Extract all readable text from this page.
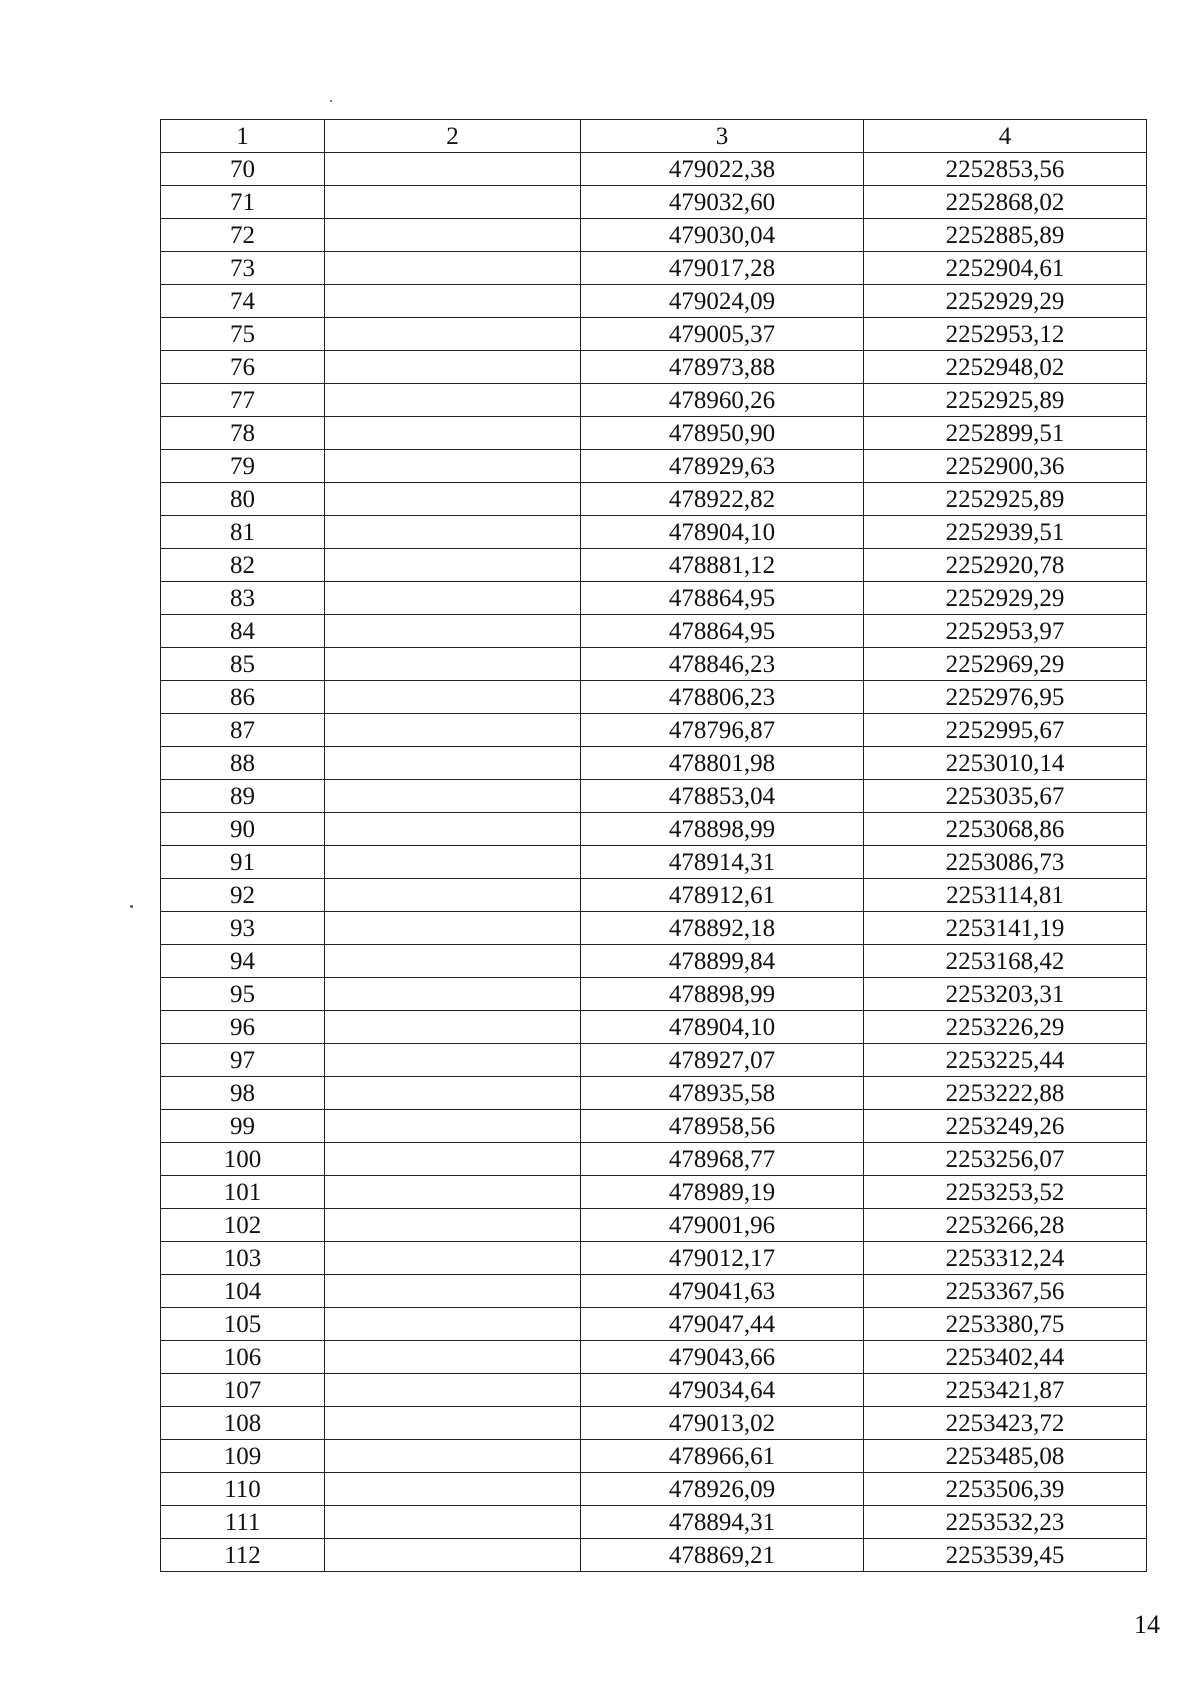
1	2	3	4
70		479022,38	2252853,56
71		479032,60	2252868,02
72		479030,04	2252885,89
73		479017,28	2252904,61
74		479024,09	2252929,29
75		479005,37	2252953,12
76		478973,88	2252948,02
77		478960,26	2252925,89
78		478950,90	2252899,51
79		478929,63	2252900,36
80		478922,82	2252925,89
81		478904,10	2252939,51
82		478881,12	2252920,78
83		478864,95	2252929,29
84		478864,95	2252953,97
85		478846,23	2252969,29
86		478806,23	2252976,95
87		478796,87	2252995,67
88		478801,98	2253010,14
89		478853,04	2253035,67
90		478898,99	2253068,86
91		478914,31	2253086,73
92		478912,61	2253114,81
93		478892,18	2253141,19
94		478899,84	2253168,42
95		478898,99	2253203,31
96		478904,10	2253226,29
97		478927,07	2253225,44
98		478935,58	2253222,88
99		478958,56	2253249,26
100		478968,77	2253256,07
101		478989,19	2253253,52
102		479001,96	2253266,28
103		479012,17	2253312,24
104		479041,63	2253367,56
105		479047,44	2253380,75
106		479043,66	2253402,44
107		479034,64	2253421,87
108		479013,02	2253423,72
109		478966,61	2253485,08
110		478926,09	2253506,39
111		478894,31	2253532,23
112		478869,21	2253539,45
14
